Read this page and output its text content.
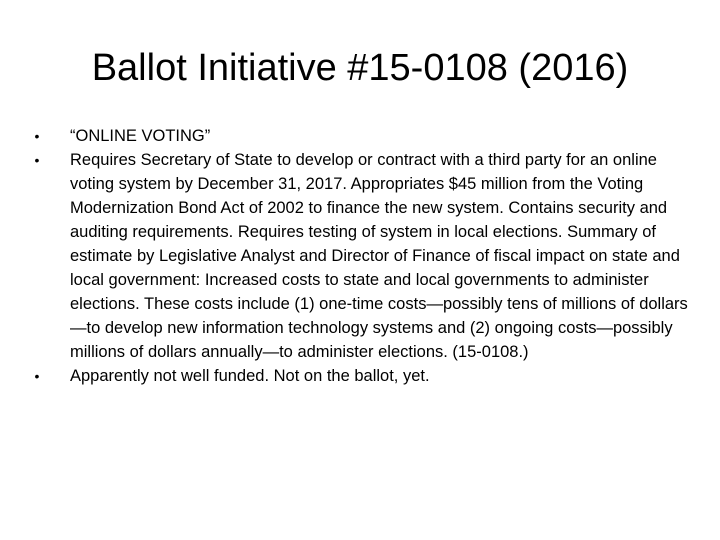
Ballot Initiative #15-0108 (2016)
• “ONLINE VOTING”
• Requires Secretary of State to develop or contract with a third party for an online voting system by December 31, 2017. Appropriates $45 million from the Voting Modernization Bond Act of 2002 to finance the new system. Contains security and auditing requirements. Requires testing of system in local elections. Summary of estimate by Legislative Analyst and Director of Finance of fiscal impact on state and local government: Increased costs to state and local governments to administer elections. These costs include (1) one-time costs—possibly tens of millions of dollars —to develop new information technology systems and (2) ongoing costs—possibly millions of dollars annually—to administer elections. (15-0108.)
• Apparently not well funded. Not on the ballot, yet.
